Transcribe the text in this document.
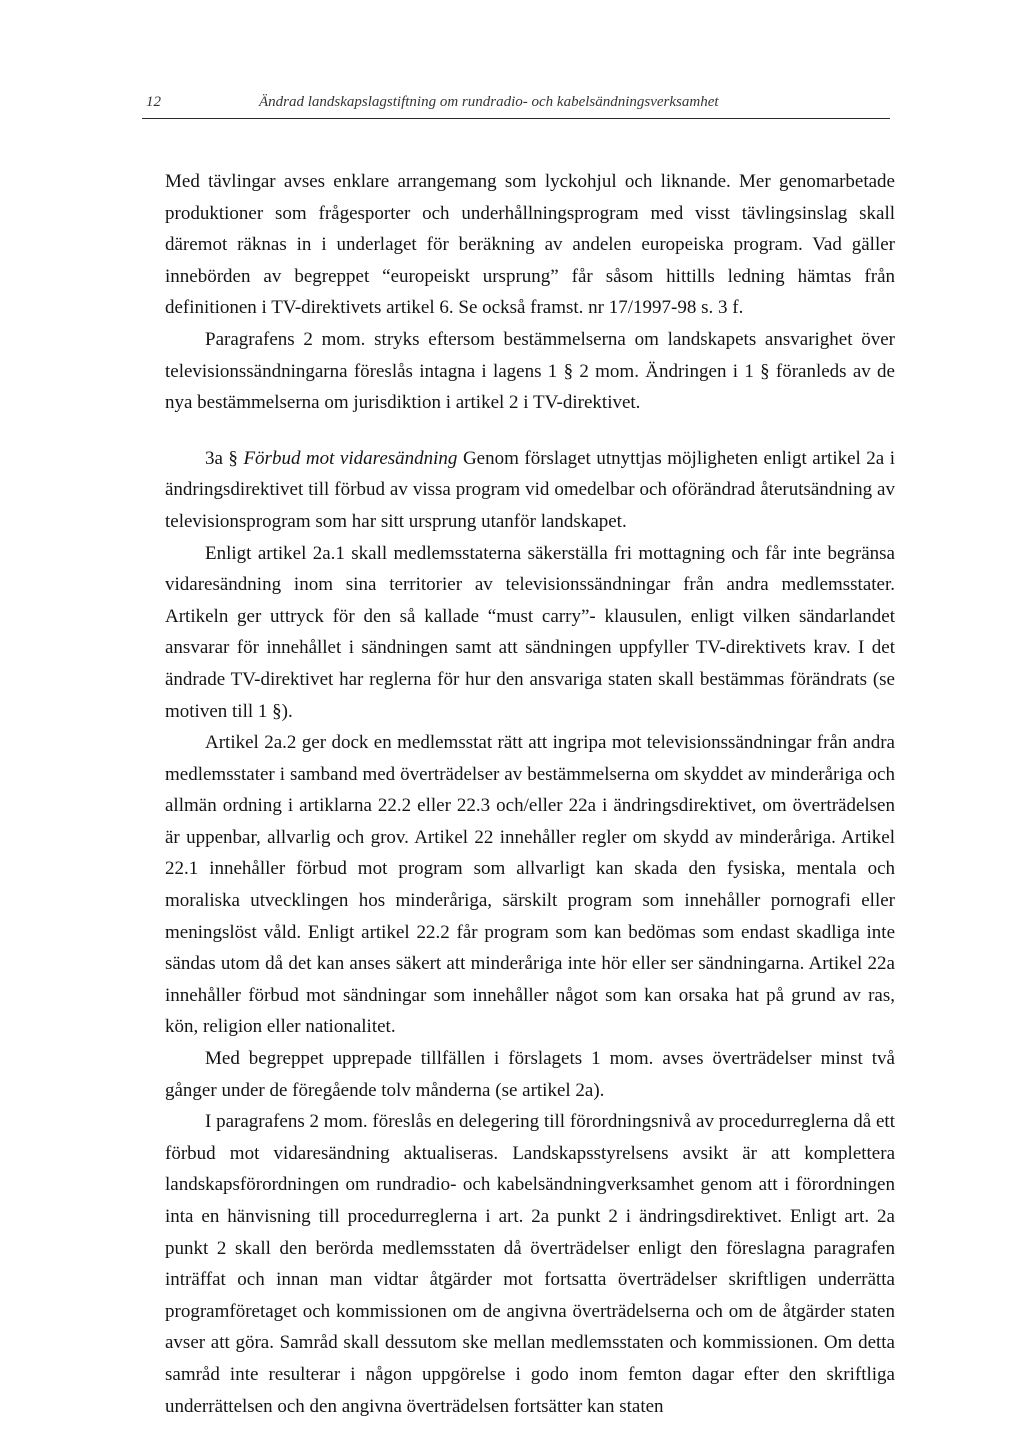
12	Ändrad landskapslagstiftning om rundradio- och kabelsändningsverksamhet

Med tävlingar avses enklare arrangemang som lyckohjul och liknande. Mer genomarbetade produktioner som frågesporter och underhållningsprogram med visst tävlingsinslag skall däremot räknas in i underlaget för beräkning av andelen europeiska program. Vad gäller innebörden av begreppet “europeiskt ursprung” får såsom hittills ledning hämtas från definitionen i TV-direktivets artikel 6. Se också framst. nr 17/1997-98 s. 3 f.

Paragrafens 2 mom. stryks eftersom bestämmelserna om landskapets ansvarighet över televisionssändningarna föreslås intagna i lagens 1 § 2 mom. Ändringen i 1 § föranleds av de nya bestämmelserna om jurisdiktion i artikel 2 i TV-direktivet.

3a § Förbud mot vidaresändning Genom förslaget utnyttjas möjligheten enligt artikel 2a i ändringsdirektivet till förbud av vissa program vid omedelbar och oförändrad återutsändning av televisionsprogram som har sitt ursprung utanför landskapet.

Enligt artikel 2a.1 skall medlemsstaterna säkerställa fri mottagning och får inte begränsa vidaresändning inom sina territorier av televisionssändningar från andra medlemsstater. Artikeln ger uttryck för den så kallade “must carry”- klausulen, enligt vilken sändarlandet ansvarar för innehållet i sändningen samt att sändningen uppfyller TV-direktivets krav. I det ändrade TV-direktivet har reglerna för hur den ansvariga staten skall bestämmas förändrats (se motiven till 1 §).

Artikel 2a.2 ger dock en medlemsstat rätt att ingripa mot televisionssändningar från andra medlemsstater i samband med överträdelser av bestämmelserna om skyddet av minderåriga och allmän ordning i artiklarna 22.2 eller 22.3 och/eller 22a i ändringsdirektivet, om överträdelsen är uppenbar, allvarlig och grov. Artikel 22 innehåller regler om skydd av minderåriga. Artikel 22.1 innehåller förbud mot program som allvarligt kan skada den fysiska, mentala och moraliska utvecklingen hos minderåriga, särskilt program som innehåller pornografi eller meningslöst våld. Enligt artikel 22.2 får program som kan bedömas som endast skadliga inte sändas utom då det kan anses säkert att minderåriga inte hör eller ser sändningarna. Artikel 22a innehåller förbud mot sändningar som innehåller något som kan orsaka hat på grund av ras, kön, religion eller nationalitet.

Med begreppet upprepade tillfällen i förslagets 1 mom. avses överträdelser minst två gånger under de föregående tolv månderna (se artikel 2a).

I paragrafens 2 mom. föreslås en delegering till förordningsnivå av procedurreglerna då ett förbud mot vidaresändning aktualiseras. Landskapsstyrelsens avsikt är att komplettera landskapsförordningen om rundradio- och kabelsändningverksamhet genom att i förordningen inta en hänvisning till procedurreglerna i art. 2a punkt 2 i ändringsdirektivet. Enligt art. 2a punkt 2 skall den berörda medlemsstaten då överträdelser enligt den föreslagna paragrafen inträffat och innan man vidtar åtgärder mot fortsatta överträdelser skriftligen underrätta programföretaget och kommissionen om de angivna överträdelserna och om de åtgärder staten avser att göra. Samråd skall dessutom ske mellan medlemsstaten och kommissionen. Om detta samråd inte resulterar i någon uppgörelse i godo inom femton dagar efter den skriftliga underrättelsen och den angivna överträdelsen fortsätter kan staten
